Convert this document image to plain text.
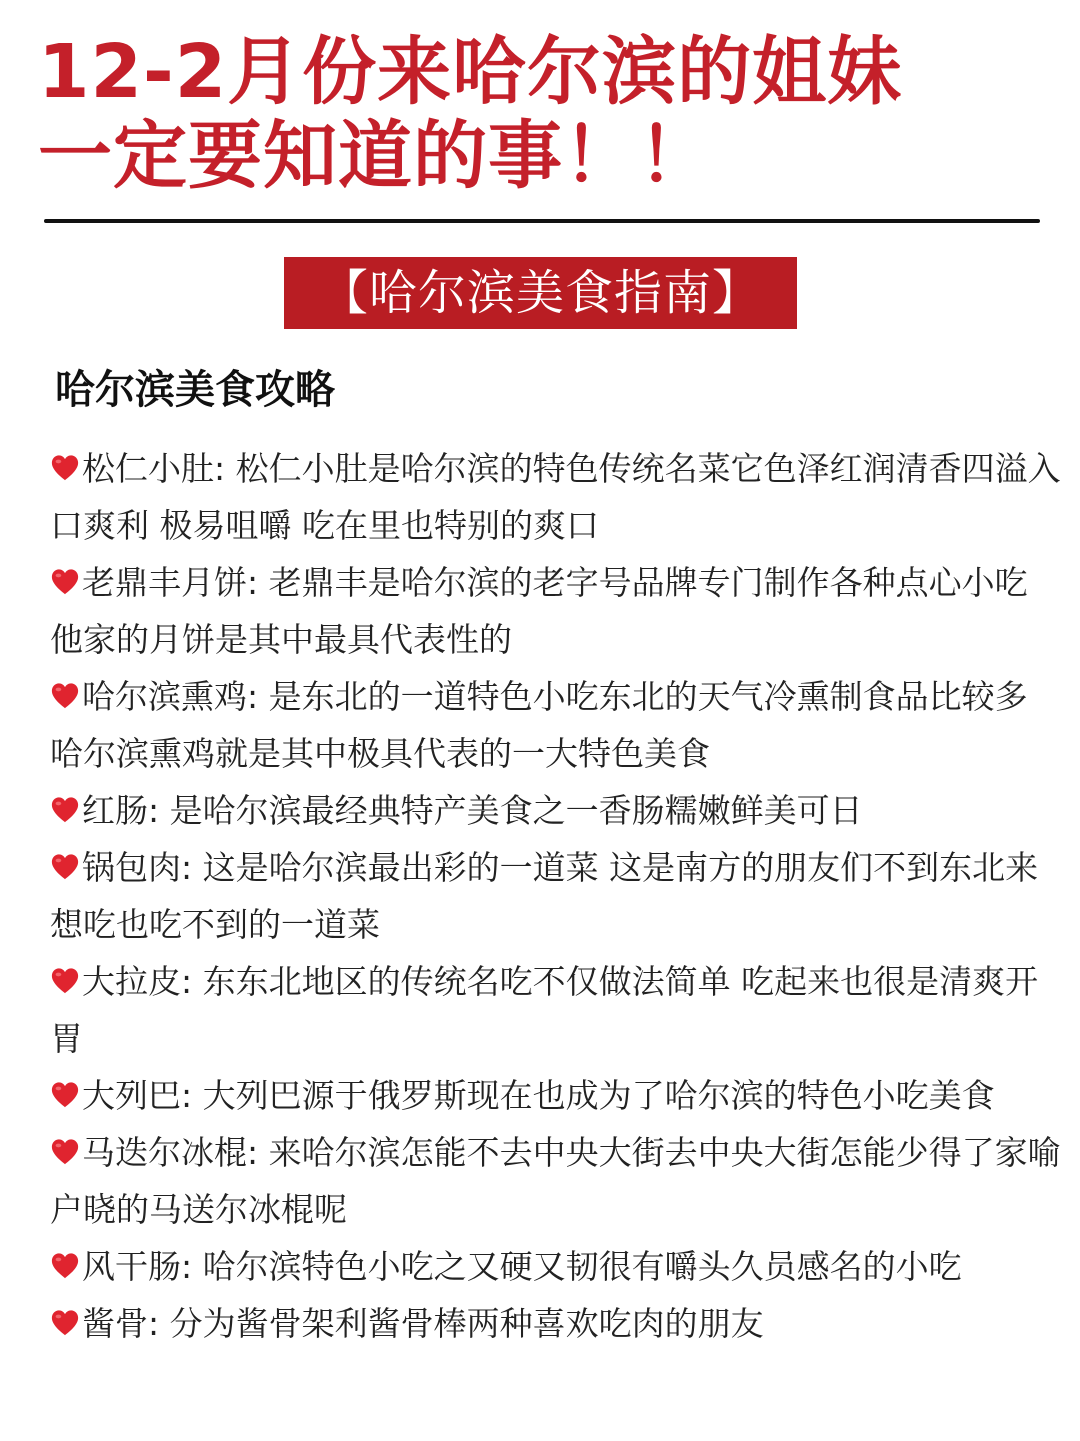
12-2月份来哈尔滨的姐妹
一定要知道的事！！
【哈尔滨美食指南】
哈尔滨美食攻略
松仁小肚: 松仁小肚是哈尔滨的特色传统名菜它色泽红润清香四溢入口爽利 极易咀嚼 吃在里也特别的爽口
老鼎丰月饼: 老鼎丰是哈尔滨的老字号品牌专门制作各种点心小吃 他家的月饼是其中最具代表性的
哈尔滨熏鸡: 是东北的一道特色小吃东北的天气冷熏制食品比较多 哈尔滨熏鸡就是其中极具代表的一大特色美食
红肠: 是哈尔滨最经典特产美食之一香肠糯嫩鲜美可日
锅包肉: 这是哈尔滨最出彩的一道菜 这是南方的朋友们不到东北来想吃也吃不到的一道菜
大拉皮: 东东北地区的传统名吃不仅做法简单 吃起来也很是清爽开胃
大列巴: 大列巴源于俄罗斯现在也成为了哈尔滨的特色小吃美食
马迭尔冰棍: 来哈尔滨怎能不去中央大街去中央大街怎能少得了家喻户晓的马送尔冰棍呢
风干肠: 哈尔滨特色小吃之又硬又韧很有嚼头久员感名的小吃
酱骨: 分为酱骨架利酱骨棒两种喜欢吃肉的朋友
